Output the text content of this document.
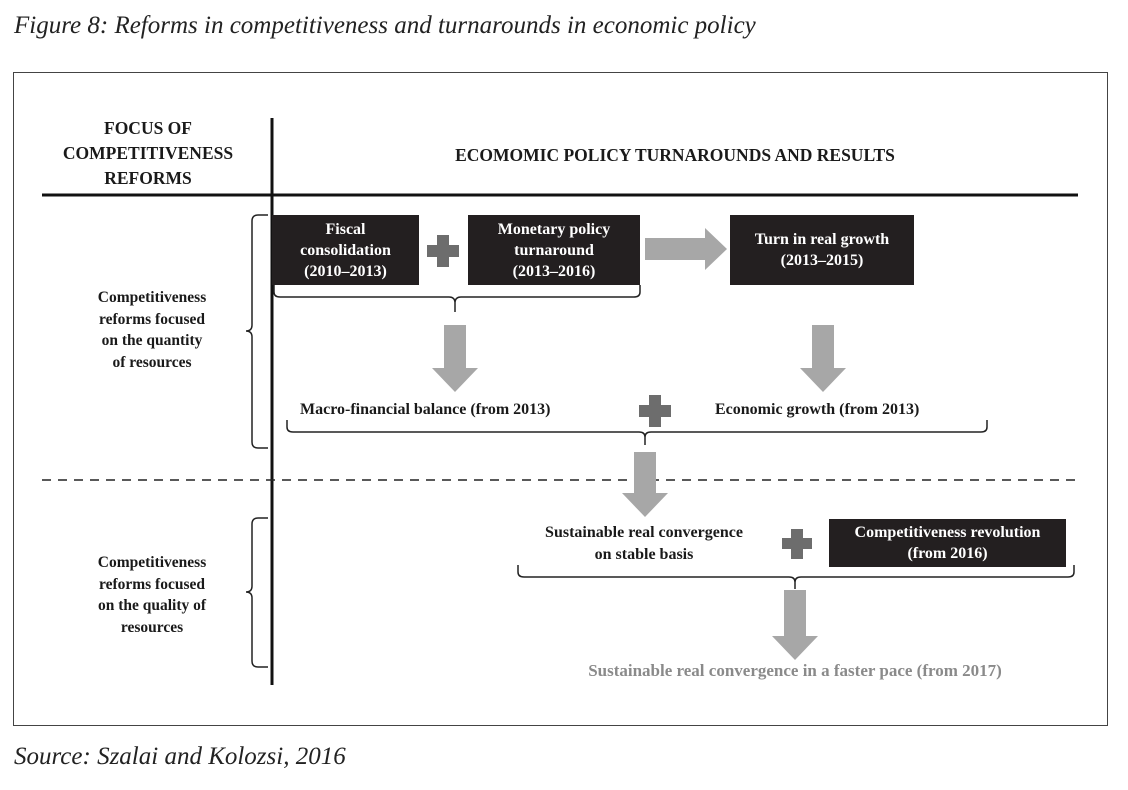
Figure 8: Reforms in competitiveness and turnarounds in economic policy
FOCUS OF
COMPETITIVENESS
REFORMS
ECOMOMIC POLICY TURNAROUNDS AND RESULTS
Competitiveness
reforms focused
on the quantity
of resources
Competitiveness
reforms focused
on the quality of
resources
Fiscal
consolidation
(2010–2013)
Monetary policy
turnaround
(2013–2016)
Turn in real growth
(2013–2015)
Competitiveness revolution
(from 2016)
Macro-financial balance (from 2013)	Economic growth (from 2013)
Sustainable real convergence
on stable basis
Sustainable real convergence in a faster pace (from 2017)
Source: Szalai and Kolozsi, 2016
